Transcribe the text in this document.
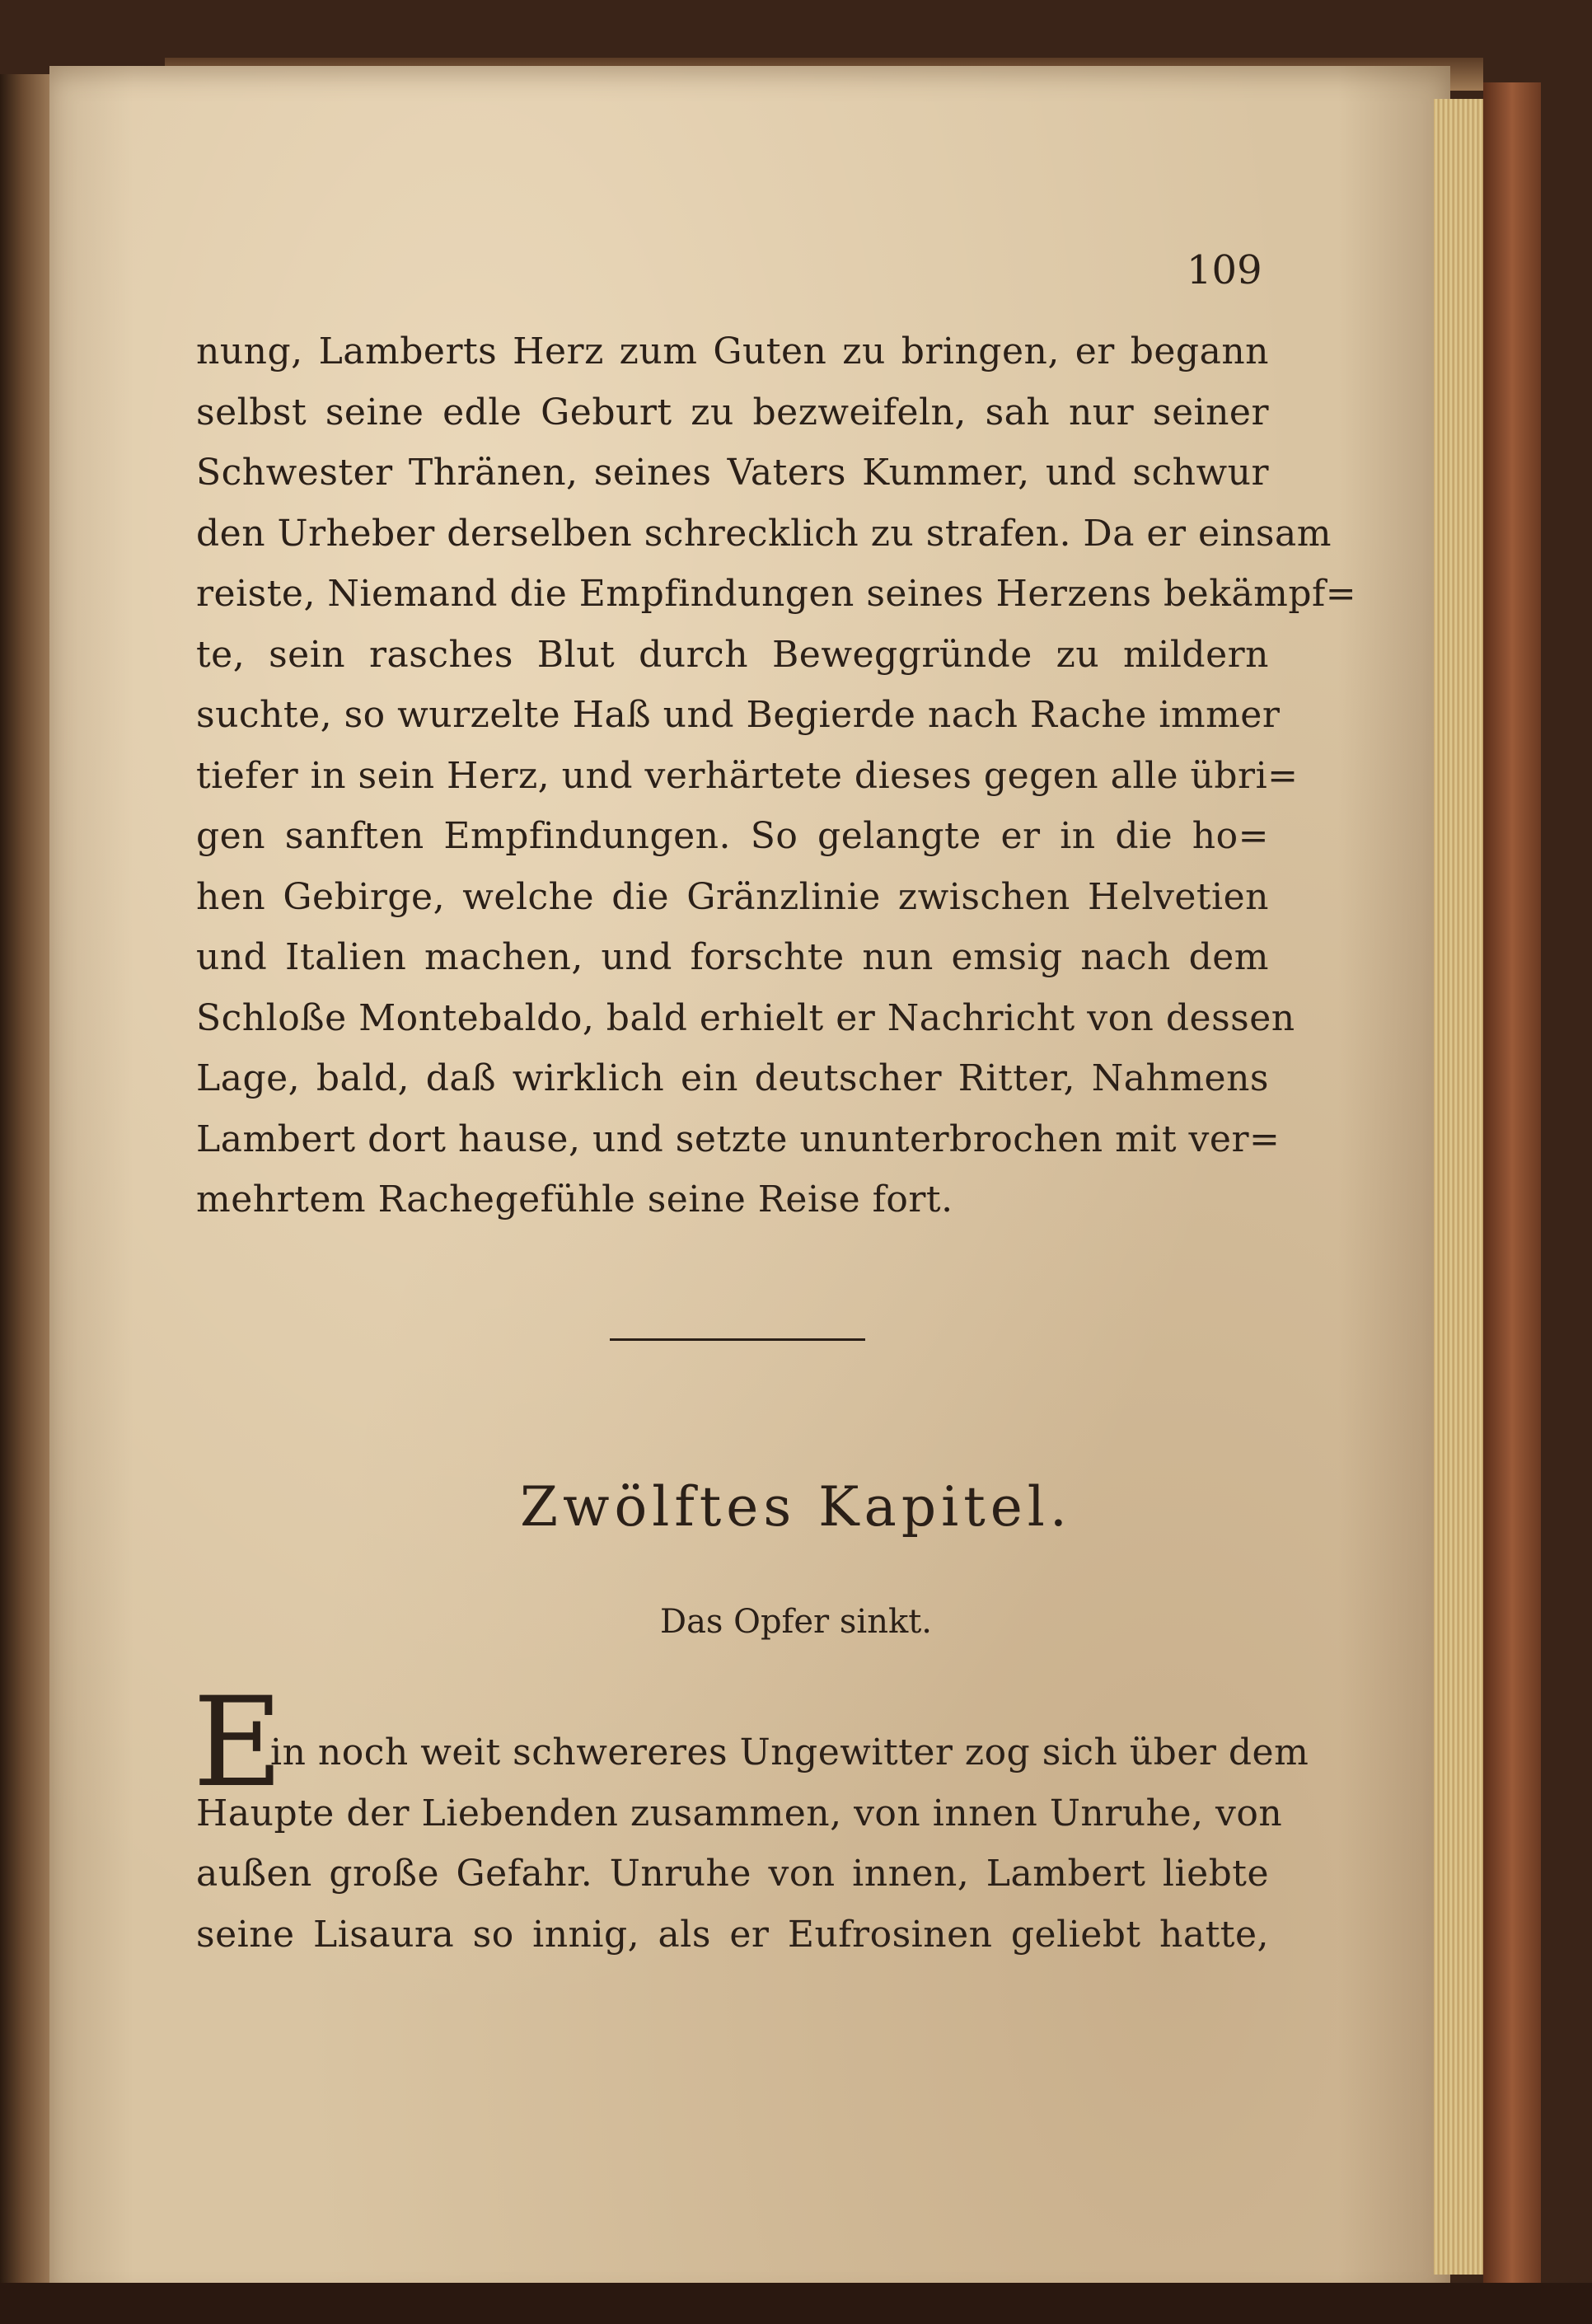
109
nung, Lamberts Herz zum Guten zu bringen, er begann
selbst seine edle Geburt zu bezweifeln, sah nur seiner
Schwester Thränen, seines Vaters Kummer, und schwur
den Urheber derselben schrecklich zu strafen. Da er einsam
reiste, Niemand die Empfindungen seines Herzens bekämpf=
te, sein rasches Blut durch Beweggründe zu mildern
suchte, so wurzelte Haß und Begierde nach Rache immer
tiefer in sein Herz, und verhärtete dieses gegen alle übri=
gen sanften Empfindungen. So gelangte er in die ho=
hen Gebirge, welche die Gränzlinie zwischen Helvetien
und Italien machen, und forschte nun emsig nach dem
Schloße Montebaldo, bald erhielt er Nachricht von dessen
Lage, bald, daß wirklich ein deutscher Ritter, Nahmens
Lambert dort hause, und setzte ununterbrochen mit ver=
mehrtem Rachegefühle seine Reise fort.
Zwölftes Kapitel.
Das Opfer sinkt.
E
in noch weit schwereres Ungewitter zog sich über dem
Haupte der Liebenden zusammen, von innen Unruhe, von
außen große Gefahr. Unruhe von innen, Lambert liebte
seine Lisaura so innig, als er Eufrosinen geliebt hatte,
